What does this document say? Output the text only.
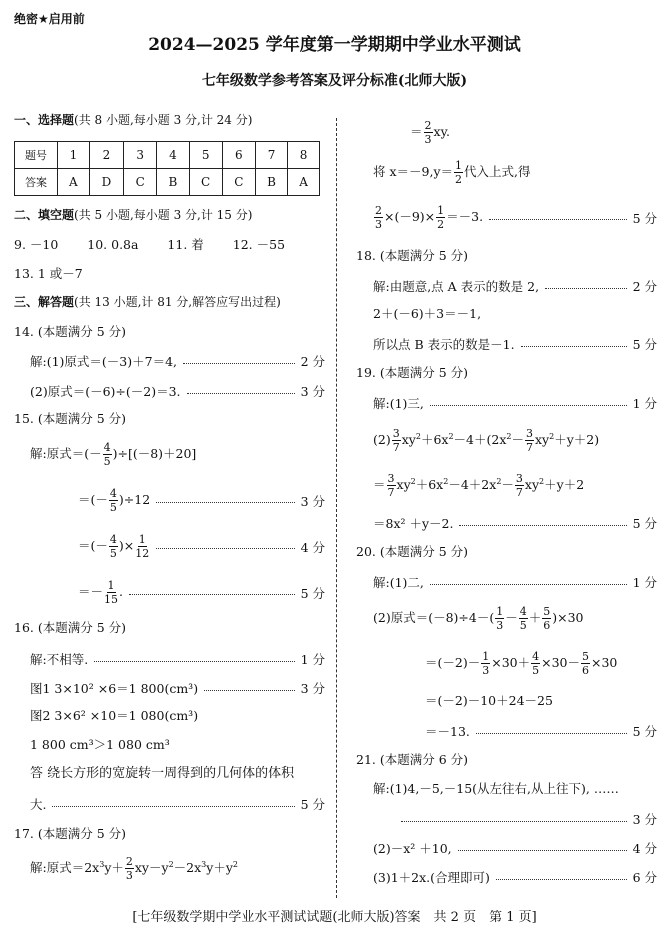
绝密★启用前
2024—2025 学年度第一学期期中学业水平测试
七年级数学参考答案及评分标准(北师大版)
一、选择题(共 8 小题,每小题 3 分,计 24 分)
题号	1	2	3	4	5	6	7	8
答案	A	D	C	B	C	C	B	A
二、填空题(共 5 小题,每小题 3 分,计 15 分)
9. －10　　 10. 0.8a　　 11. 着　　 12. －55
13. 1 或－7
三、解答题(共 13 小题,计 81 分,解答应写出过程)
14. (本题满分 5 分)
解:(1)原式＝(－3)＋7＝4,	2 分
(2)原式＝(－6)÷(－2)＝3.	3 分
15. (本题满分 5 分)
解:原式＝(－ $\frac{4}{5} )\div[(-8)+20]$
＝(－ $\frac{4}{5} )\div 12$	3 分
＝(－ $\frac{4}{5}$ )× $\frac{1}{12}$	4 分
＝－ $\frac{1}{15}$ .	5 分
16. (本题满分 5 分)
解:不相等.	1 分
图1 3×10² ×6＝1 800(cm³)	3 分
图2 3×6² ×10＝1 080(cm³)
1 800 cm³＞1 080 cm³
答 绕长方形的宽旋转一周得到的几何体的体积
大.	5 分
17. (本题满分 5 分)
解:原式$=2x^3y+ \frac{2}{3} xy-y^2-2x^3y+y^2$
＝ $\frac{2}{3}$ xy.
将 $x=-9,y= \frac{1}{2}$ 代入上式,得
$\frac{2}{3} \times(-9)\times \frac{1}{2} =-3$.	5 分
18. (本题满分 5 分)
解:由题意,点 A 表示的数是 2,	2 分
2＋(－6)＋3＝－1,
所以点 B 表示的数是－1.	5 分
19. (本题满分 5 分)
解:(1)三,	1 分
$(2) \frac{3}{7} xy^2+6x^2-4+(2x^2- \frac{3}{7} xy^2+y+2)$
＝ $\frac{3}{7} xy^2+6x^2-4+2x^2- \frac{3}{7} xy^2+y+2$
＝8x² ＋y－2.	5 分
20. (本题满分 5 分)
解:(1)二,	1 分
(2)原式$=(-8)\div 4-( \frac{1}{3} - \frac{4}{5} + \frac{5}{6} )\times 30$
$=(-2)- \frac{1}{3} \times 30+ \frac{4}{5} \times 30- \frac{5}{6} \times 30$
＝(－2)－10＋24－25
＝－13.	5 分
21. (本题满分 6 分)
解:(1)4,－5,－15(从左往右,从上往下), ……
3 分
(2)－x² ＋10,	4 分
(3)1＋2x.(合理即可)	6 分
[七年级数学期中学业水平测试试题(北师大版)答案　共 2 页　第 1 页]
